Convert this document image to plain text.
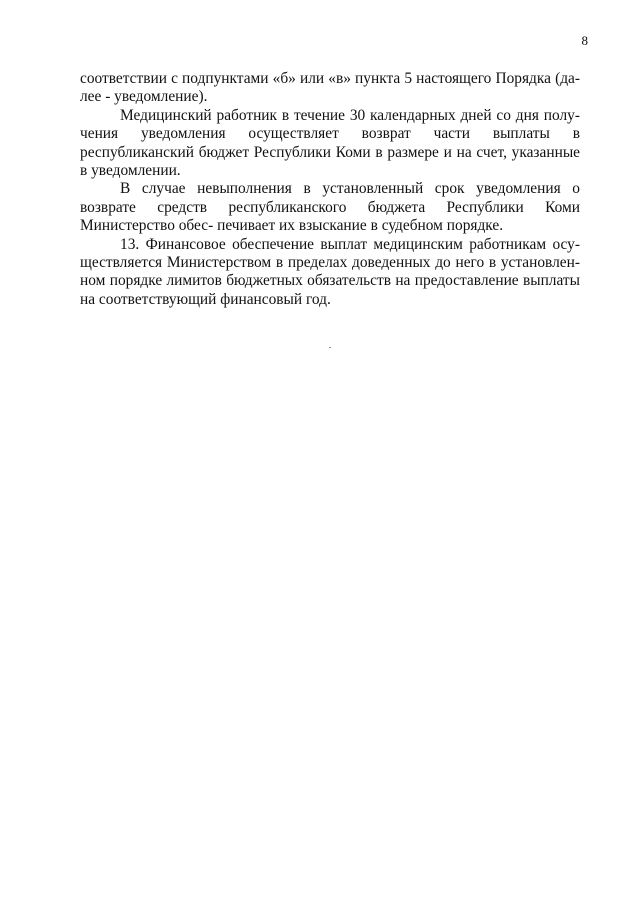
8

соответствии с подпунктами «б» или «в» пункта 5 настоящего Порядка (да- лее - уведомление).

Медицинский работник в течение 30 календарных дней со дня полу- чения уведомления осуществляет возврат части выплаты в республиканский бюджет Республики Коми в размере и на счет, указанные в уведомлении.

В случае невыполнения в установленный срок уведомления о возврате средств республиканского бюджета Республики Коми Министерство обес- печивает их взыскание в судебном порядке.

13. Финансовое обеспечение выплат медицинским работникам осу- ществляется Министерством в пределах доведенных до него в установлен- ном порядке лимитов бюджетных обязательств на предоставление выплаты на соответствующий финансовый год.
